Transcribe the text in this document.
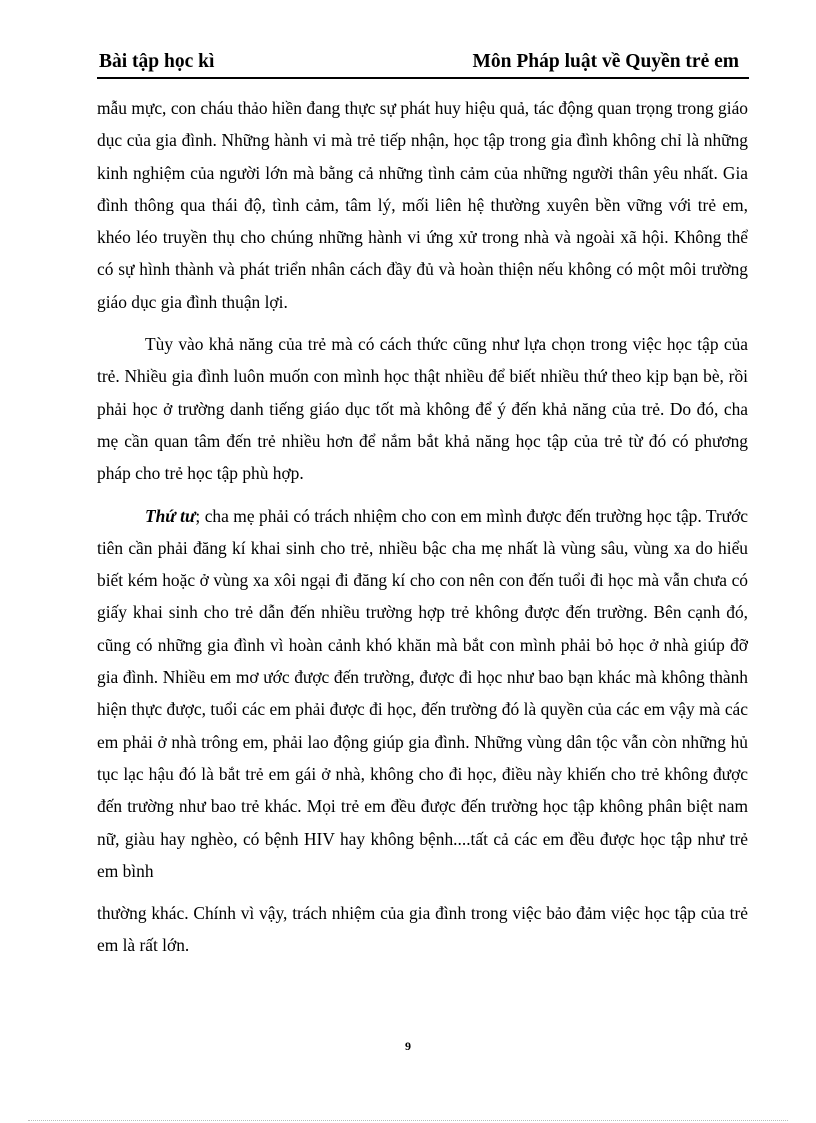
Bài tập học kì	Môn Pháp luật về Quyền trẻ em

mẫu mực, con cháu thảo hiền đang thực sự phát huy hiệu quả, tác động quan trọng trong giáo dục của gia đình. Những hành vi mà trẻ tiếp nhận, học tập trong gia đình không chỉ là những kinh nghiệm của người lớn mà bằng cả những tình cảm của những người thân yêu nhất. Gia đình thông qua thái độ, tình cảm, tâm lý, mối liên hệ thường xuyên bền vững với trẻ em, khéo léo truyền thụ cho chúng những hành vi ứng xử trong nhà và ngoài xã hội. Không thể có sự hình thành và phát triển nhân cách đầy đủ và hoàn thiện nếu không có một môi trường giáo dục gia đình thuận lợi.

Tùy vào khả năng của trẻ mà có cách thức cũng như lựa chọn trong việc học tập của trẻ. Nhiều gia đình luôn muốn con mình học thật nhiều để biết nhiều thứ theo kịp bạn bè, rồi phải học ở trường danh tiếng giáo dục tốt mà không để ý đến khả năng của trẻ. Do đó, cha mẹ cần quan tâm đến trẻ nhiều hơn để nắm bắt khả năng học tập của trẻ từ đó có phương pháp cho trẻ học tập phù hợp.

Thứ tư; cha mẹ phải có trách nhiệm cho con em mình được đến trường học tập. Trước tiên cần phải đăng kí khai sinh cho trẻ, nhiều bậc cha mẹ nhất là vùng sâu, vùng xa do hiểu biết kém hoặc ở vùng xa xôi ngại đi đăng kí cho con nên con đến tuổi đi học mà vẫn chưa có giấy khai sinh cho trẻ dẫn đến nhiều trường hợp trẻ không được đến trường. Bên cạnh đó, cũng có những gia đình vì hoàn cảnh khó khăn mà bắt con mình phải bỏ học ở nhà giúp đỡ gia đình. Nhiều em mơ ước được đến trường, được đi học như bao bạn khác mà không thành hiện thực được, tuổi các em phải được đi học, đến trường đó là quyền của các em vậy mà các em phải ở nhà trông em, phải lao động giúp gia đình. Những vùng dân tộc vẫn còn những hủ tục lạc hậu đó là bắt trẻ em gái ở nhà, không cho đi học, điều này khiến cho trẻ không được đến trường như bao trẻ khác. Mọi trẻ em đều được đến trường học tập không phân biệt nam nữ, giàu hay nghèo, có bệnh HIV hay không bệnh....tất cả các em đều được học tập như trẻ em bình

thường khác. Chính vì vậy, trách nhiệm của gia đình trong việc bảo đảm việc học tập của trẻ em là rất lớn.

9
